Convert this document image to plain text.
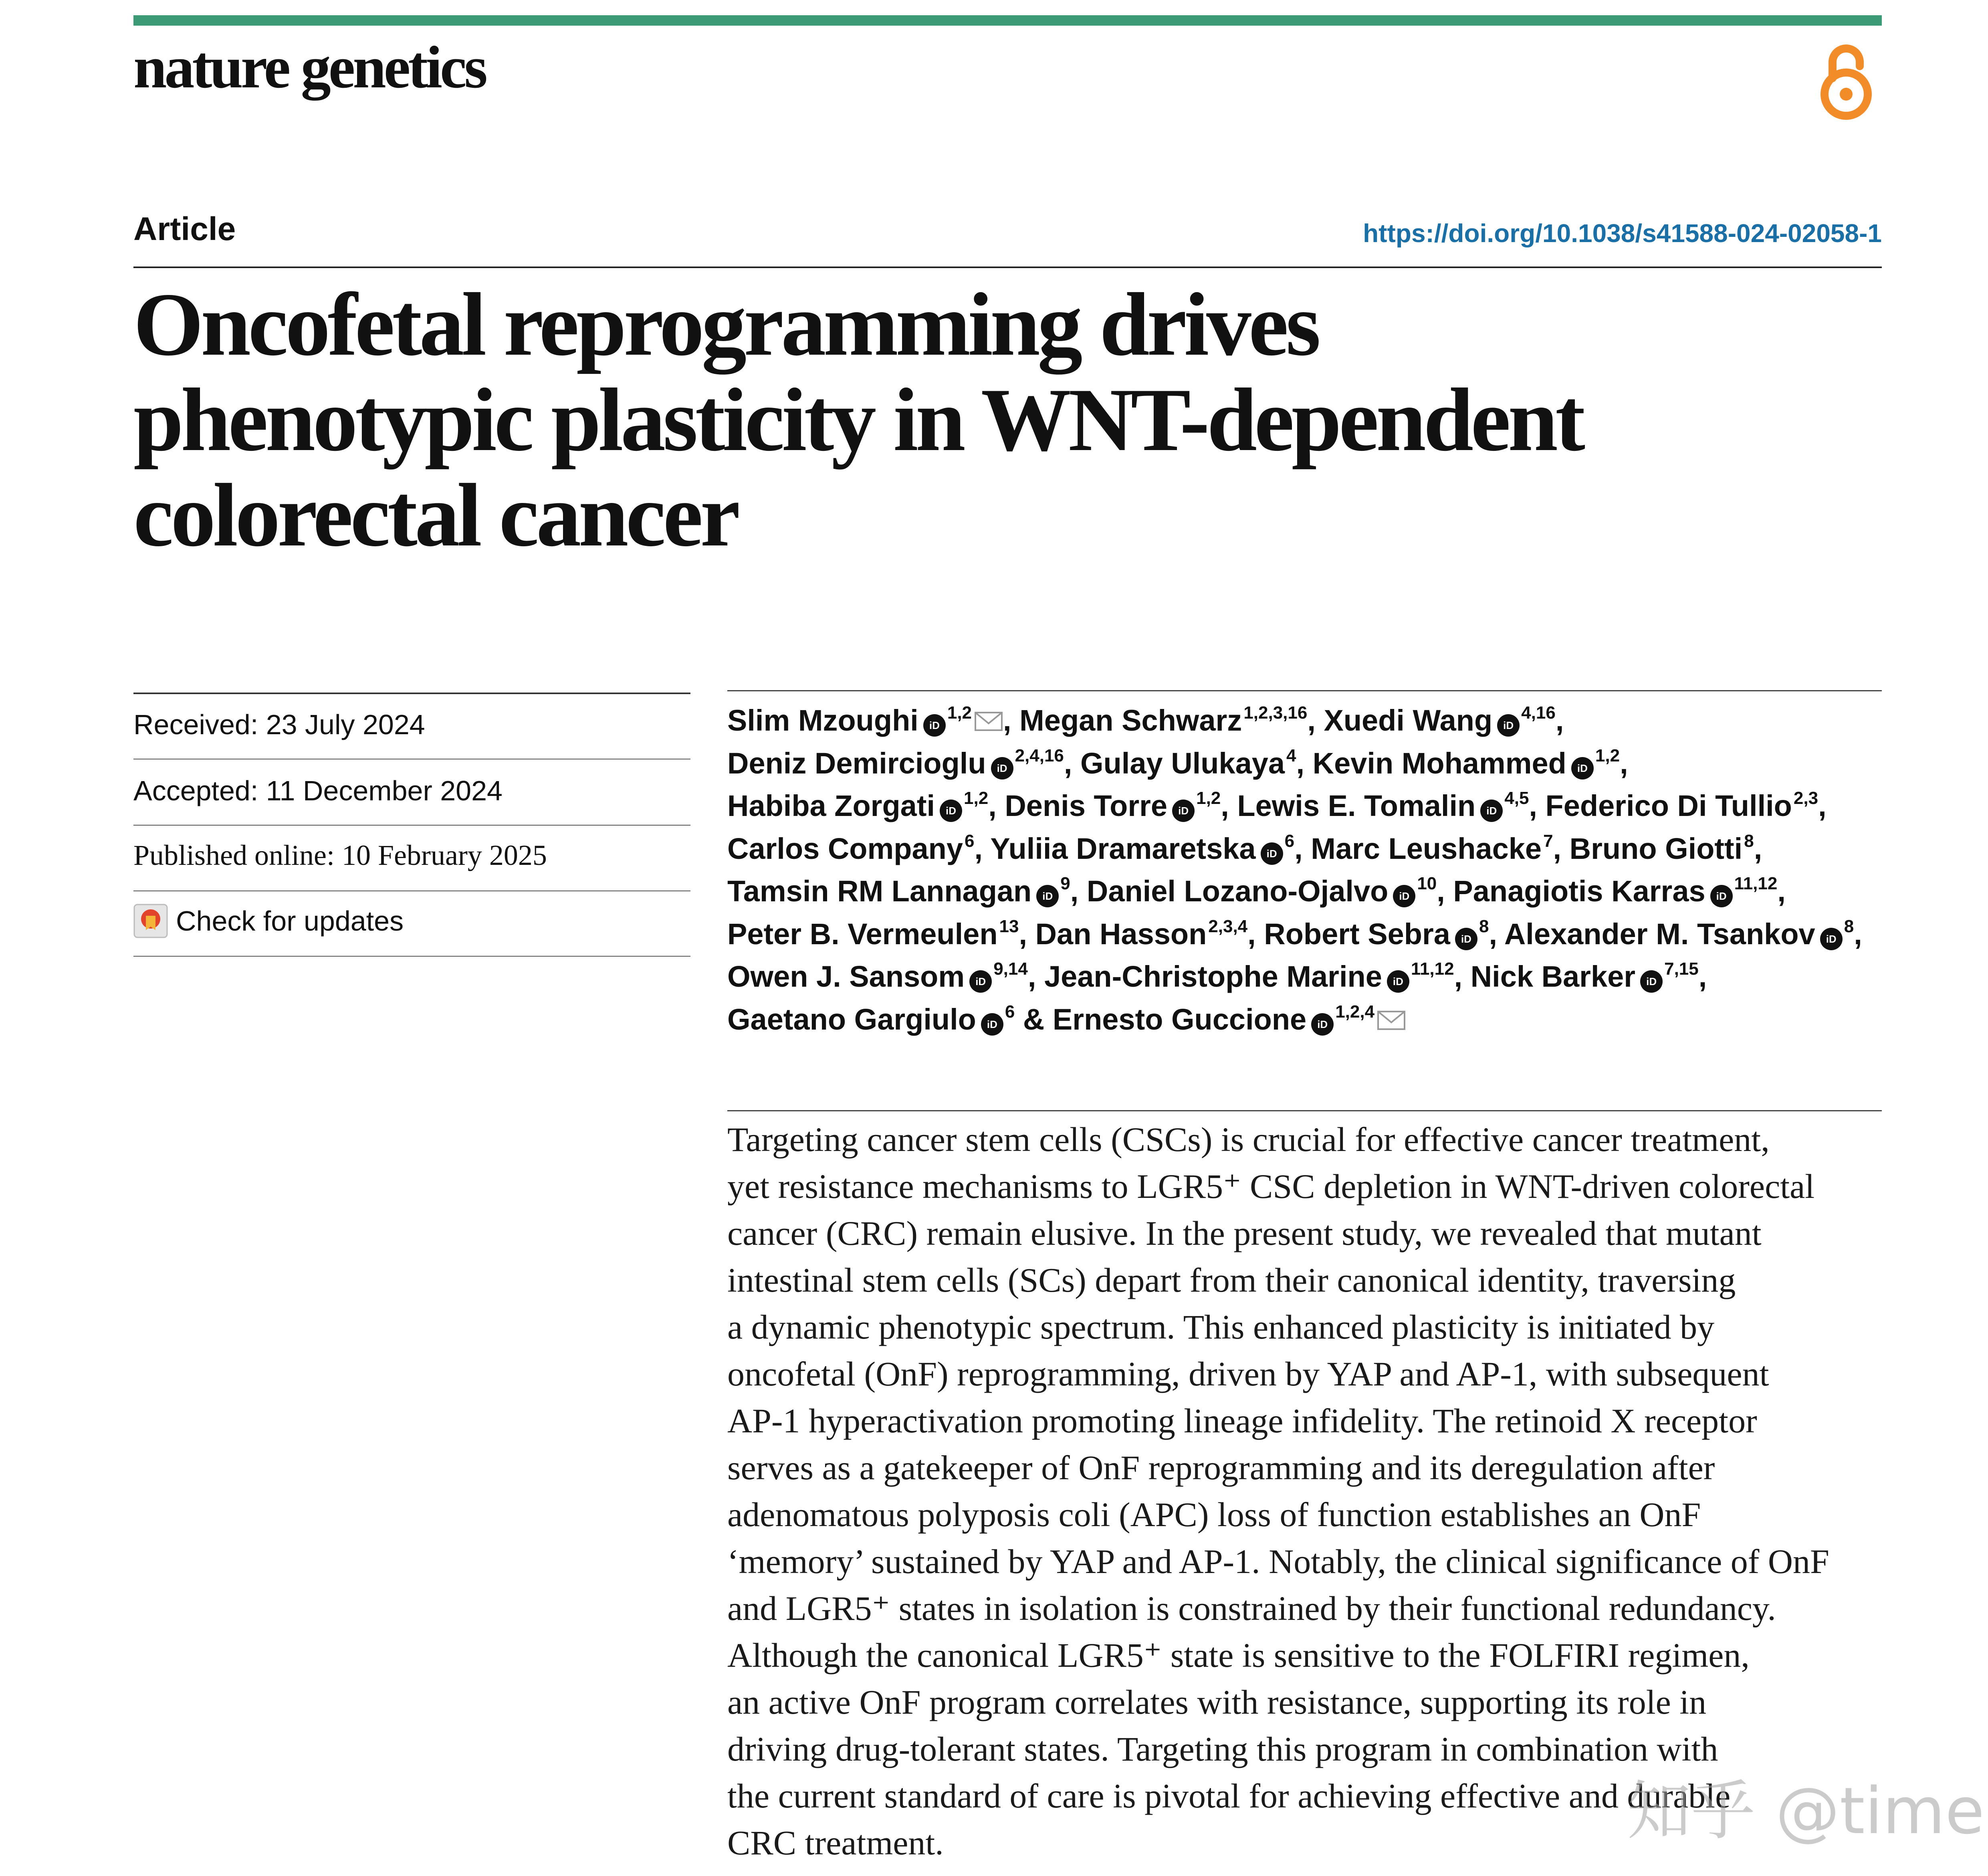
nature genetics
Article	https://doi.org/10.1038/s41588-024-02058-1
Oncofetal reprogramming drives
phenotypic plasticity in WNT-dependent
colorectal cancer
Received: 23 July 2024
Accepted: 11 December 2024
Published online: 10 February 2025
Check for updates
Slim Mzoughi iD$^{1,2}$ , Megan Schwarz$^{1,2,3,16}$, Xuedi Wang iD$^{4,16}$,
Deniz Demircioglu iD$^{2,4,16}$, Gulay Ulukaya$^4$, Kevin Mohammed iD$^{1,2}$,
Habiba Zorgati iD$^{1,2}$, Denis Torre iD$^{1,2}$, Lewis E. Tomalin iD$^{4,5}$, Federico Di Tullio$^{2,3}$,
Carlos Company$^6$, Yuliia Dramaretska iD$^6$, Marc Leushacke$^7$, Bruno Giotti$^8$,
Tamsin RM Lannagan iD$^9$, Daniel Lozano-Ojalvo iD$^{10}$, Panagiotis Karras iD$^{11,12}$,
Peter B. Vermeulen$^{13}$, Dan Hasson$^{2,3,4}$, Robert Sebra iD$^8$, Alexander M. Tsankov iD$^8$,
Owen J. Sansom iD$^{9,14}$, Jean-Christophe Marine iD$^{11,12}$, Nick Barker iD$^{7,15}$,
Gaetano Gargiulo iD$^6$ & Ernesto Guccione iD$^{1,2,4}$
Targeting cancer stem cells (CSCs) is crucial for effective cancer treatment,
yet resistance mechanisms to LGR5⁺ CSC depletion in WNT-driven colorectal
cancer (CRC) remain elusive. In the present study, we revealed that mutant
intestinal stem cells (SCs) depart from their canonical identity, traversing
a dynamic phenotypic spectrum. This enhanced plasticity is initiated by
oncofetal (OnF) reprogramming, driven by YAP and AP-1, with subsequent
AP-1 hyperactivation promoting lineage infidelity. The retinoid X receptor
serves as a gatekeeper of OnF reprogramming and its deregulation after
adenomatous polyposis coli (APC) loss of function establishes an OnF
‘memory’ sustained by YAP and AP-1. Notably, the clinical significance of OnF
and LGR5⁺ states in isolation is constrained by their functional redundancy.
Although the canonical LGR5⁺ state is sensitive to the FOLFIRI regimen,
an active OnF program correlates with resistance, supporting its role in
driving drug-tolerant states. Targeting this program in combination with
the current standard of care is pivotal for achieving effective and durable
CRC treatment.	知乎 @time
